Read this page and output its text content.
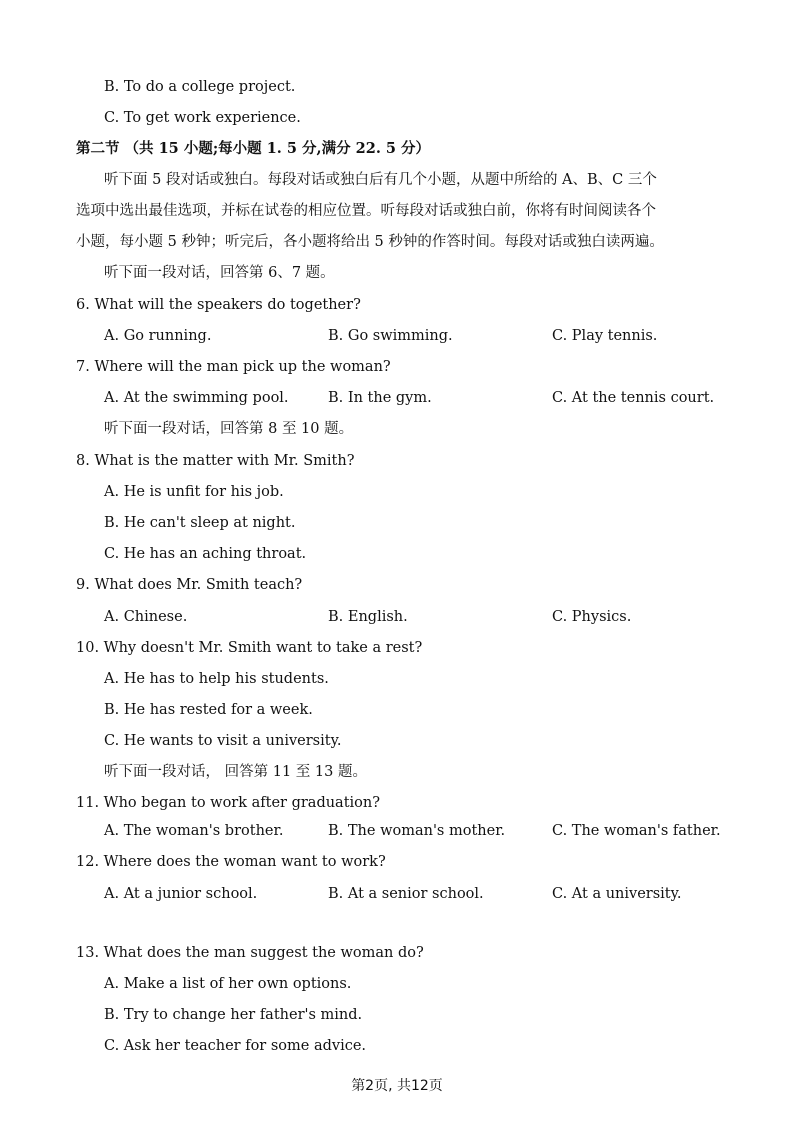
B. To do a college project.
C. To get work experience.
第二节 （共 15 小题;每小题 1. 5 分,满分 22. 5 分）
听下面 5 段对话或独白。每段对话或独白后有几个小题，从题中所给的 A、B、C 三个
选项中选出最佳选项，并标在试卷的相应位置。听每段对话或独白前，你将有时间阅读各个
小题，每小题 5 秒钟；听完后，各小题将给出 5 秒钟的作答时间。每段对话或独白读两遍。
听下面一段对话，回答第 6、7 题。
6. What will the speakers do together?
A. Go running.	B. Go swimming.	C. Play tennis.
7. Where will the man pick up the woman?
A. At the swimming pool.	B. In the gym.	C. At the tennis court.
听下面一段对话，回答第 8 至 10 题。
8. What is the matter with Mr. Smith?
A. He is unfit for his job.
B. He can't sleep at night.
C. He has an aching throat.
9. What does Mr. Smith teach?
A. Chinese.	B. English.	C. Physics.
10. Why doesn't Mr. Smith want to take a rest?
A. He has to help his students.
B. He has rested for a week.
C. He wants to visit a university.
听下面一段对话， 回答第 11 至 13 题。
11. Who began to work after graduation?
A. The woman's brother.	B. The woman's mother.	C. The woman's father.
12. Where does the woman want to work?
A. At a junior school.	B. At a senior school.	C. At a university.
13. What does the man suggest the woman do?
A. Make a list of her own options.
B. Try to change her father's mind.
C. Ask her teacher for some advice.
第2页, 共12页
